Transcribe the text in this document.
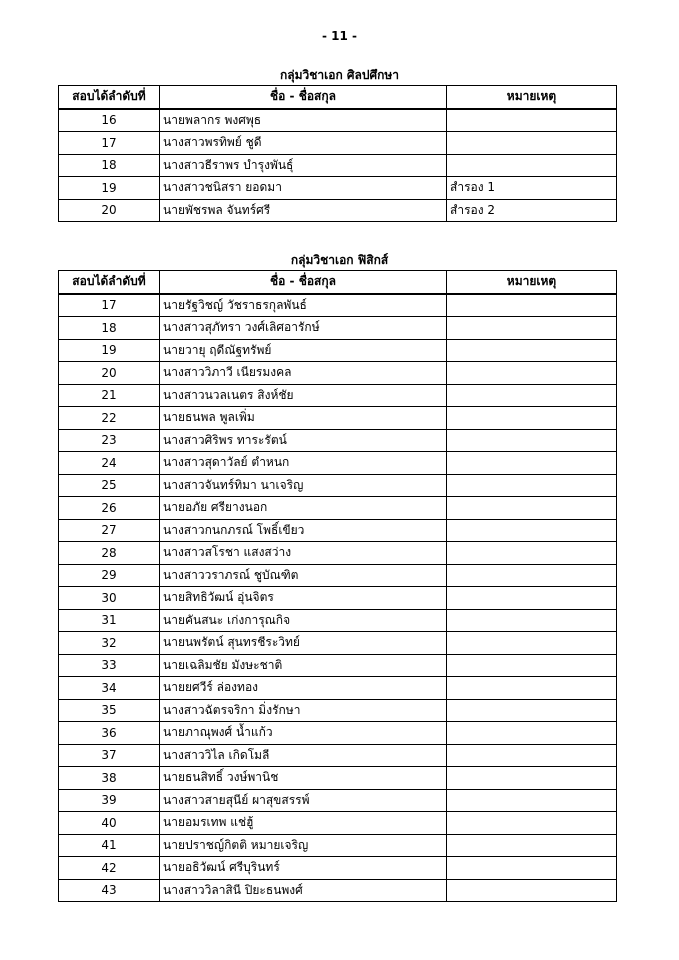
- 11 -
กลุ่มวิชาเอก ศิลปศึกษา
สอบได้ลำดับที่	ชื่อ - ชื่อสกุล	หมายเหตุ
16	นายพลากร พงศพุธ	
17	นางสาวพรทิพย์ ชูดี	
18	นางสาวธีราพร บำรุงพันธุ์	
19	นางสาวชนิสรา ยอดมา	สำรอง 1
20	นายพัชรพล จันทร์ศรี	สำรอง 2
กลุ่มวิชาเอก ฟิสิกส์
สอบได้ลำดับที่	ชื่อ - ชื่อสกุล	หมายเหตุ
17	นายรัฐวิชญ์ วัชราธรกุลพันธ์	
18	นางสาวสุภัทรา วงศ์เลิศอารักษ์	
19	นายวายุ ฤดีณัฐทรัพย์	
20	นางสาววิภาวี เนียรมงคล	
21	นางสาวนวลเนตร สิงห์ชัย	
22	นายธนพล พูลเพิ่ม	
23	นางสาวศิริพร ทาระรัตน์	
24	นางสาวสุดาวัลย์ ตำหนก	
25	นางสาวจันทร์ทิมา นาเจริญ	
26	นายอภัย ศรียางนอก	
27	นางสาวกนกภรณ์ โพธิ์เขียว	
28	นางสาวสโรชา แสงสว่าง	
29	นางสาววราภรณ์ ชูบัณฑิต	
30	นายสิทธิวัฒน์ อุ่นจิตร	
31	นายคันสนะ เก่งการุณกิจ	
32	นายนพรัตน์ สุนทรชีระวิทย์	
33	นายเฉลิมชัย มังษะชาติ	
34	นายยศวีร์ ล่องทอง	
35	นางสาวฉัตรจริกา มิ่งรักษา	
36	นายภาณุพงศ์ น้ำแก้ว	
37	นางสาววิไล เกิดโมลี	
38	นายธนสิทธิ์ วงษ์พานิช	
39	นางสาวสายสุนีย์ ผาสุขสรรพ์	
40	นายอมรเทพ แช่ฮู้	
41	นายปราชญ์กิตติ หมายเจริญ	
42	นายอธิวัฒน์ ศรีบุรินทร์	
43	นางสาววิลาสินี ปิยะธนพงศ์	
